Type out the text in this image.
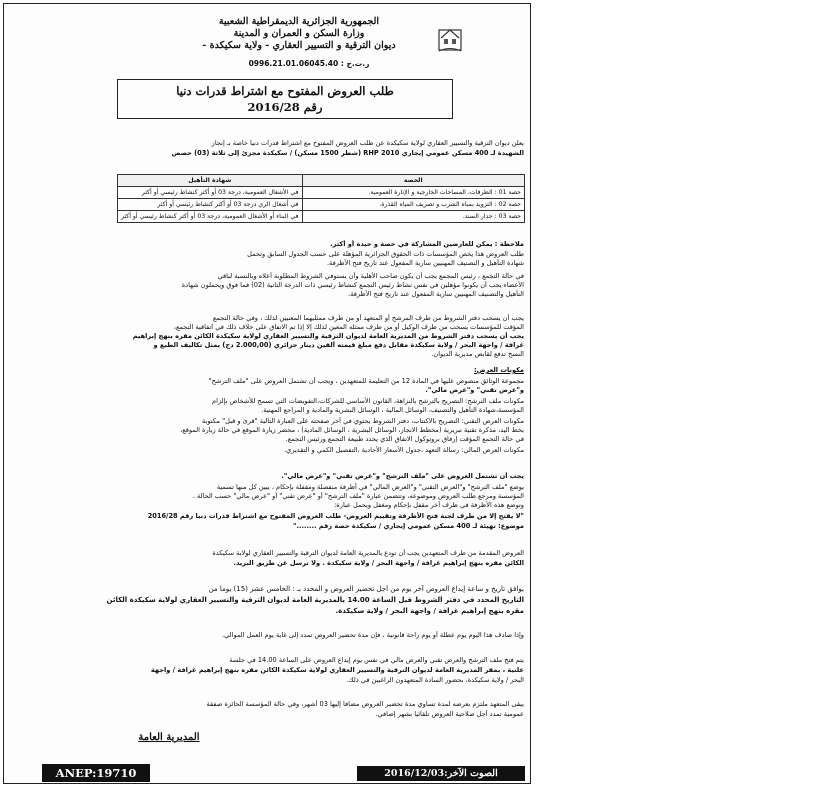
الجمهورية الجزائرية الديمقراطية الشعبية
وزارة السكن و العمران و المدينة
ديوان الترقية و التسيير العقاري - ولاية سكيكدة -
ر.ت.ج : 0996.21.01.06045.40
طلب العروض المفتوح مع اشتراط قدرات دنيا
رقم 2016/28
يعلن ديوان الترقية والتسيير العقاري لولاية سكيكدة عن طلب العروض المفتوح مع اشتراط قدرات دنيا خاصة بـ إنجاز
الشهيدة لـ 400 مسكن عمومي إيجاري RHP 2010 (شطر 1500 مسكن) / سكيكدة مجزئ إلى ثلاثة (03) حصص
الحصة	شهادة التأهيل
حصة 01 : الطرقات، المساحات الخارجية و الإنارة العمومية.	في الأشغال العمومية، درجة 03 أو أكثر كنشاط رئيسي أو أكثر
حصة 02 : التزويد بمياه الشرب و تصريف المياه القذرة.	في أشغال الري درجة 03 أو أكثر كنشاط رئيسي أو أكثر
حصة 03 : جدار السند.	في البناء أو الأشغال العمومية، درجة 03 أو أكثر كنشاط رئيسي أو أكثر
ملاحظة : يمكن للعارضين المشاركة في حصة و حيدة أو أكثر.
طلب العروض هذا يخص المؤسسات ذات الحقوق الجزائرية المؤهلة على حسب الجدول السابق وتحمل
شهادة التأهيل و التصنيف المهنيين سارية المفعول عند تاريخ فتح الأظرفة.
في حالة التجمع ، رئيس المجمع يجب أن يكون صاحب الأهلية وأن يستوفي الشروط المطلوبة أعلاه وبالنسبة لباقي
الأعضاء يجب أن يكونوا مؤهلين في نفس نشاط رئيس التجمع كنشاط رئيسي ذات الدرجة الثانية (02) فما فوق ويحملون شهادة
التأهيل والتصنيف المهنيين سارية المفعول عند تاريخ فتح الأظرفة.
يجب أن يسحب دفتر الشروط من طرف المرشح أو المتعهد أو من طرف ممثليهما المعنيين لذلك ، وفي حالة التجمع
المؤقت للمؤسسات يسحب من طرف الوكيل أو من طرف ممثله المعين لذلك إلا إذا تم الاتفاق على خلاف ذلك في اتفاقية التجمع،
يجب أن يسحب دفتر الشروط من المديرية العامة لديوان الترقية والتسيير العقاري لولاية سكيكدة الكائن مقره بنهج إبراهيم
غرافة / واجهة البحر / ولاية سكيكدة مقابل دفع مبلغ قيمته ألفين دينار جزائري (2.000,00 دج) يمثل تكاليف الطبع و
النسخ تدفع لقابض مديرية الديوان.
مكونات العرض:
مجموعة الوثائق منصوص عليها في المادة 12 من التعليمة للمتعهدين ، ويجب أن تشتمل العروض على "ملف الترشح"
و"عرض تقني" و"عرض مالي".
مكونات ملف الترشح: التصريح بالترشح بالنزاهة، القانون الأساسي للشركات،التفويضات التي تسمح للأشخاص بإلزام
المؤسسة،شهادة التأهيل والتصنيف، الوسائل المالية ، الوسائل البشرية والمادية و المراجع المهنية.
مكونات العرض التقني: التصريح بالاكتتاب، دفتر الشروط يحتوي في آخر صفحته على العبارة التالية "قرئ و قبل" مكتوبة
بخط اليد، مذكرة تقنية تبريرية (مخطط الانجاز، الوسائل البشرية ، الوسائل المادية) ، محضر زيارة الموقع في حالة زيارة الموقع،
في حالة التجمع المؤقت إرفاق بروتوكول الاتفاق الذي يحدد طبيعة التجمع ورئيس التجمع.
مكونات العرض المالي: رسالة التعهد ،جدول الأسعار الأحادية ،التفصيل الكمي و التقديري.
يجب أن تشتمل العروض على "ملف الترشح" و"عرض تقني" و"عرض مالي".
يوضع "ملف الترشح" و"العرض التقني" و"العرض المالي" في أظرفة منفصلة ومقفلة بإحكام ، يبين كل منها تسمية
المؤسسة ومرجع طلب العروض وموضوعه، وتتضمن عبارة "ملف الترشح" أو "عرض تقني" أو "عرض مالي" حسب الحالة .
وتوضع هذه الأظرفة في ظرف آخر مقفل بإحكام ومغفل ويحمل عبارة:
"لا يفتح إلا من طرف لجنة فتح الأظرفة وتقييم العروض- طلب العروض المفتوح مع اشتراط قدرات دنيا رقم 2016/28
موضوع: تهيئة لـ 400 مسكن عمومي إيجاري / سكيكدة حصة رقم ........"
العروض المقدمة من طرف المتعهدين يجب أن تودع بالمديرية العامة لديوان الترقية والتسيير العقاري لولاية سكيكدة
الكائن مقره بنهج إبراهيم غرافة / واجهة البحر / ولاية سكيكدة . ولا ترسل عن طريق البريد.
يوافق تاريخ و ساعة إيداع العروض آخر يوم من أجل تحضير العروض و المحدد بـ : الخامس عشر (15) يوما من
التاريخ المحدد في دفتر الشروط قبل الساعة 14.00 بالمديرية العامة لديوان الترقية والتسيير العقاري لولاية سكيكدة الكائن
مقره بنهج إبراهيم غرافة / واجهة البحر / ولاية سكيكدة.
وإذا صادف هذا اليوم يوم عطلة أو يوم راحة قانونية ، فإن مدة تحضير العروض تمدد إلى غاية يوم العمل الموالي.
يتم فتح ملف الترشح والعرض تقني والعرض مالي في نفس يوم إيداع العروض على الساعة 14.00 في جلسة
علنية ، بمقر المديرية العامة لديوان الترقية والتسيير العقاري لولاية سكيكدة الكائن مقره بنهج إبراهيم غرافة / واجهة
البحر / ولاية سكيكدة، بحضور السادة المتعهدون الراغبين في ذلك.
يبقى المتعهد ملتزم بعرضه لمدة تساوي مدة تحضير العروض مضافا إليها 03 أشهر، وفي حالة المؤسسة الحائزة صفقة
عمومية تمدد أجل صلاحية العروض تلقائيا بشهر إضافي.
المديرية العامة
ANEP:19710	الصوت الآخر:2016/12/03
